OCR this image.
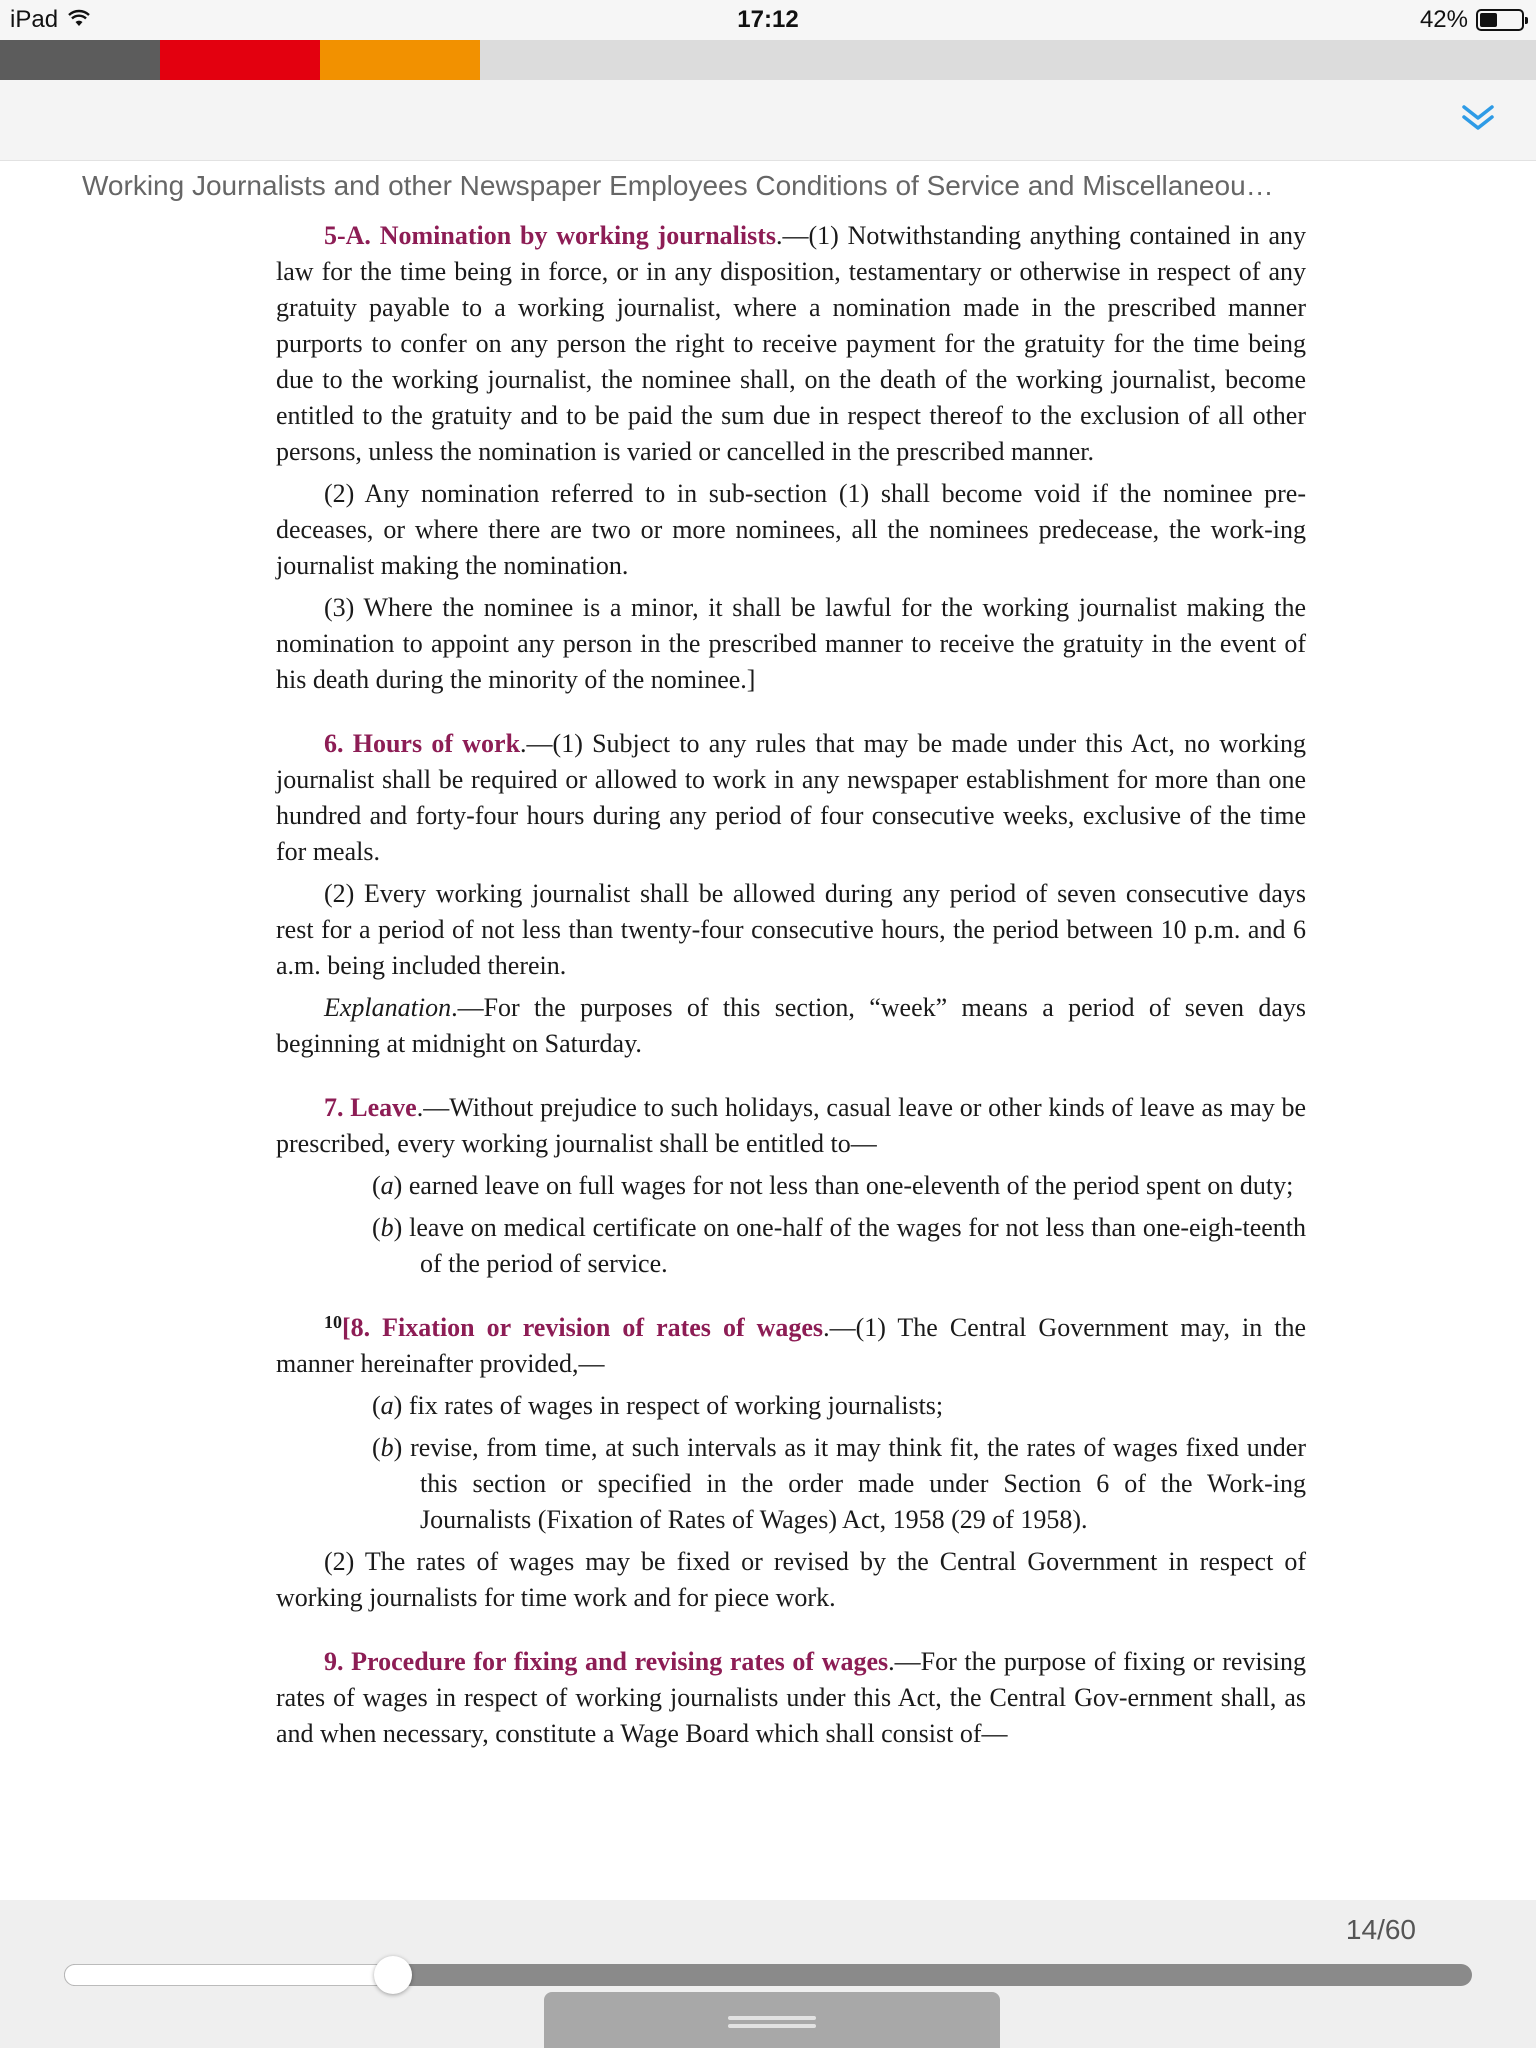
iPad	17:12	42%
Working Journalists and other Newspaper Employees Conditions of Service and Miscellaneou…

5-A. Nomination by working journalists.—(1) Notwithstanding anything contained in any law for the time being in force, or in any disposition, testamentary or otherwise in respect of any gratuity payable to a working journalist, where a nomination made in the prescribed manner purports to confer on any person the right to receive payment for the gratuity for the time being due to the working journalist, the nominee shall, on the death of the working journalist, become entitled to the gratuity and to be paid the sum due in respect thereof to the exclusion of all other persons, unless the nomination is varied or cancelled in the prescribed manner.

(2) Any nomination referred to in sub-section (1) shall become void if the nominee pre-deceases, or where there are two or more nominees, all the nominees predecease, the work-ing journalist making the nomination.

(3) Where the nominee is a minor, it shall be lawful for the working journalist making the nomination to appoint any person in the prescribed manner to receive the gratuity in the event of his death during the minority of the nominee.]

6. Hours of work.—(1) Subject to any rules that may be made under this Act, no working journalist shall be required or allowed to work in any newspaper establishment for more than one hundred and forty-four hours during any period of four consecutive weeks, exclusive of the time for meals.

(2) Every working journalist shall be allowed during any period of seven consecutive days rest for a period of not less than twenty-four consecutive hours, the period between 10 p.m. and 6 a.m. being included therein.

Explanation.—For the purposes of this section, “week” means a period of seven days beginning at midnight on Saturday.

7. Leave.—Without prejudice to such holidays, casual leave or other kinds of leave as may be prescribed, every working journalist shall be entitled to—

(a) earned leave on full wages for not less than one-eleventh of the period spent on duty;

(b) leave on medical certificate on one-half of the wages for not less than one-eigh-teenth of the period of service.

$^{10}$[8. Fixation or revision of rates of wages.—(1) The Central Government may, in the manner hereinafter provided,—

(a) fix rates of wages in respect of working journalists;

(b) revise, from time, at such intervals as it may think fit, the rates of wages fixed under this section or specified in the order made under Section 6 of the Work-ing Journalists (Fixation of Rates of Wages) Act, 1958 (29 of 1958).

(2) The rates of wages may be fixed or revised by the Central Government in respect of working journalists for time work and for piece work.

9. Procedure for fixing and revising rates of wages.—For the purpose of fixing or revising rates of wages in respect of working journalists under this Act, the Central Gov-ernment shall, as and when necessary, constitute a Wage Board which shall consist of—

14/60
